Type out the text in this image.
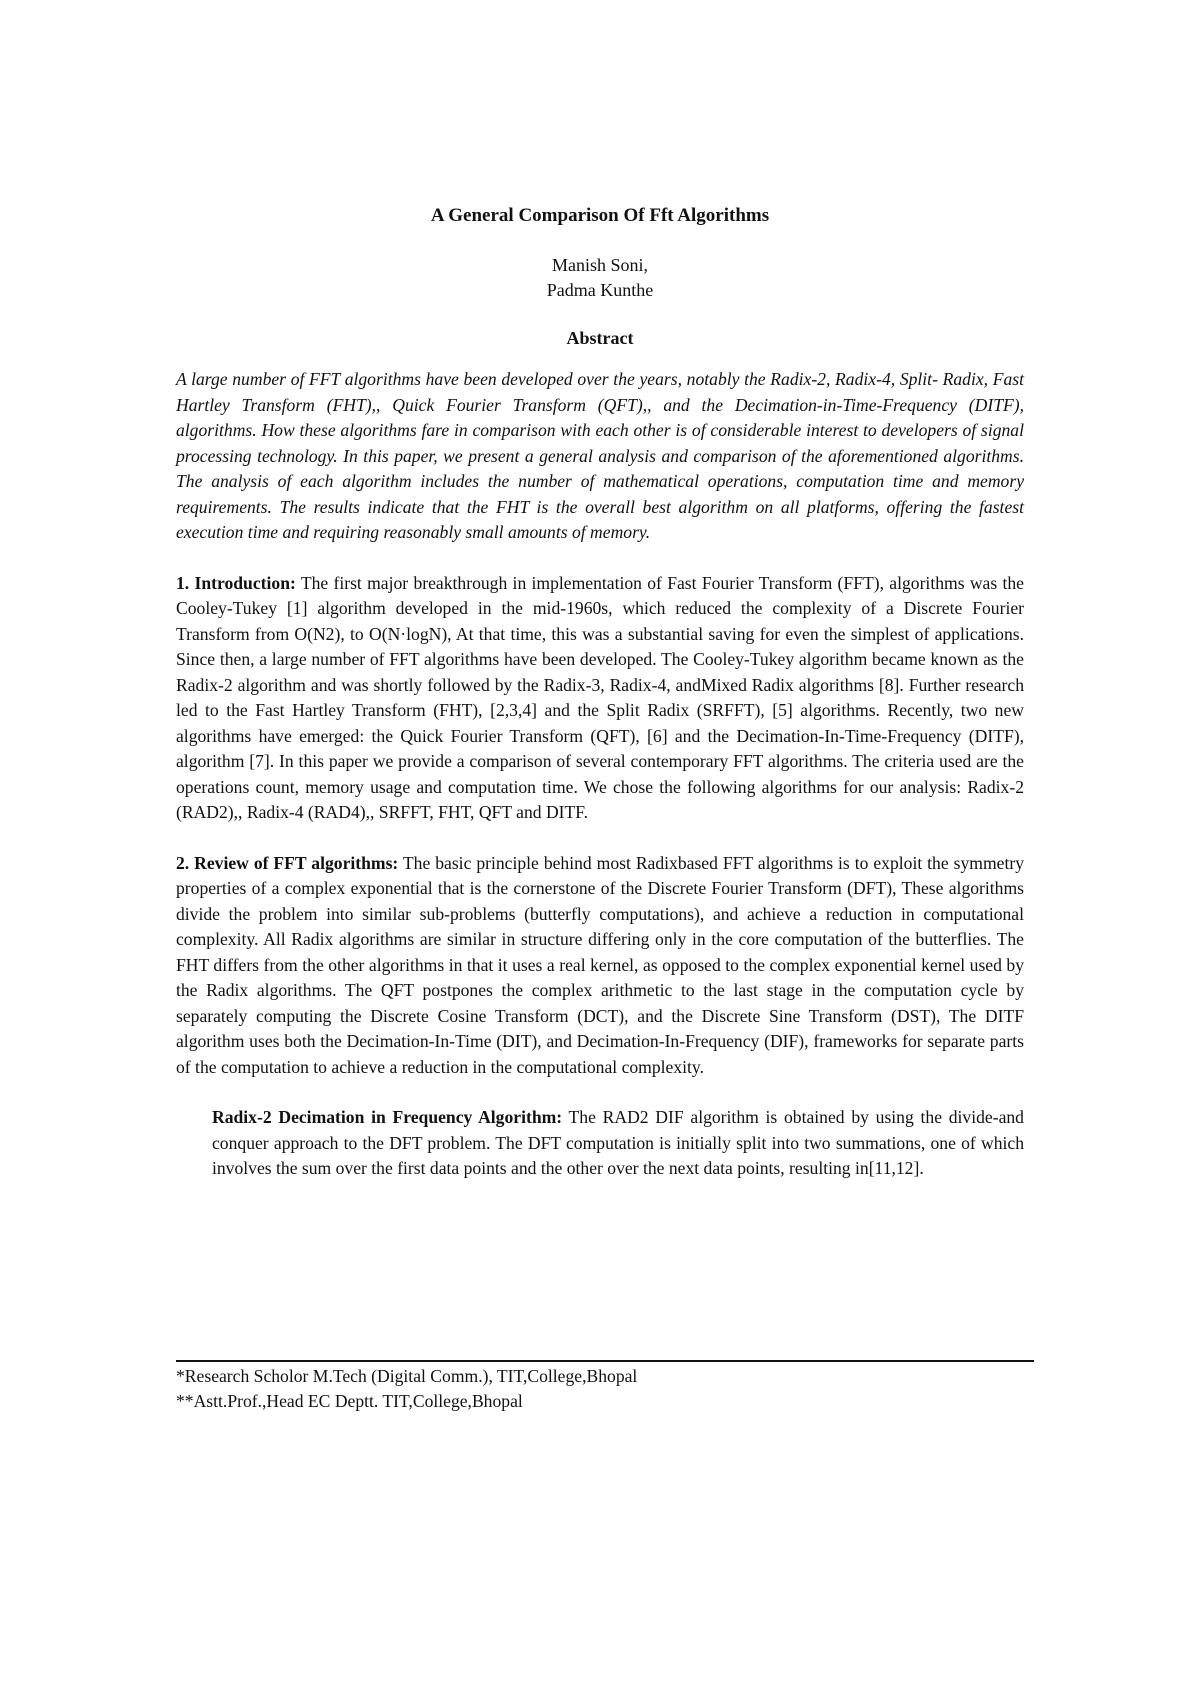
A General Comparison Of Fft Algorithms
Manish Soni,
Padma Kunthe
Abstract
A large number of FFT algorithms have been developed over the years, notably the Radix-2, Radix-4, Split- Radix, Fast Hartley Transform (FHT),, Quick Fourier Transform (QFT),, and the Decimation-in-Time-Frequency (DITF), algorithms. How these algorithms fare in comparison with each other is of considerable interest to developers of signal processing technology. In this paper, we present a general analysis and comparison of the aforementioned algorithms. The analysis of each algorithm includes the number of mathematical operations, computation time and memory requirements. The results indicate that the FHT is the overall best algorithm on all platforms, offering the fastest execution time and requiring reasonably small amounts of memory.
1. Introduction: The first major breakthrough in implementation of Fast Fourier Transform (FFT), algorithms was the Cooley-Tukey [1] algorithm developed in the mid-1960s, which reduced the complexity of a Discrete Fourier Transform from O(N2), to O(N·logN), At that time, this was a substantial saving for even the simplest of applications. Since then, a large number of FFT algorithms have been developed. The Cooley-Tukey algorithm became known as the Radix-2 algorithm and was shortly followed by the Radix-3, Radix-4, andMixed Radix algorithms [8]. Further research led to the Fast Hartley Transform (FHT), [2,3,4] and the Split Radix (SRFFT), [5] algorithms. Recently, two new algorithms have emerged: the Quick Fourier Transform (QFT), [6] and the Decimation-In-Time-Frequency (DITF), algorithm [7]. In this paper we provide a comparison of several contemporary FFT algorithms. The criteria used are the operations count, memory usage and computation time. We chose the following algorithms for our analysis: Radix-2 (RAD2),, Radix-4 (RAD4),, SRFFT, FHT, QFT and DITF.
2. Review of FFT algorithms: The basic principle behind most Radixbased FFT algorithms is to exploit the symmetry properties of a complex exponential that is the cornerstone of the Discrete Fourier Transform (DFT), These algorithms divide the problem into similar sub-problems (butterfly computations), and achieve a reduction in computational complexity. All Radix algorithms are similar in structure differing only in the core computation of the butterflies. The FHT differs from the other algorithms in that it uses a real kernel, as opposed to the complex exponential kernel used by the Radix algorithms. The QFT postpones the complex arithmetic to the last stage in the computation cycle by separately computing the Discrete Cosine Transform (DCT), and the Discrete Sine Transform (DST), The DITF algorithm uses both the Decimation-In-Time (DIT), and Decimation-In-Frequency (DIF), frameworks for separate parts of the computation to achieve a reduction in the computational complexity.
Radix-2 Decimation in Frequency Algorithm: The RAD2 DIF algorithm is obtained by using the divide-and conquer approach to the DFT problem. The DFT computation is initially split into two summations, one of which involves the sum over the first data points and the other over the next data points, resulting in[11,12].
*Research Scholor M.Tech (Digital Comm.), TIT,College,Bhopal
**Astt.Prof.,Head EC Deptt. TIT,College,Bhopal
